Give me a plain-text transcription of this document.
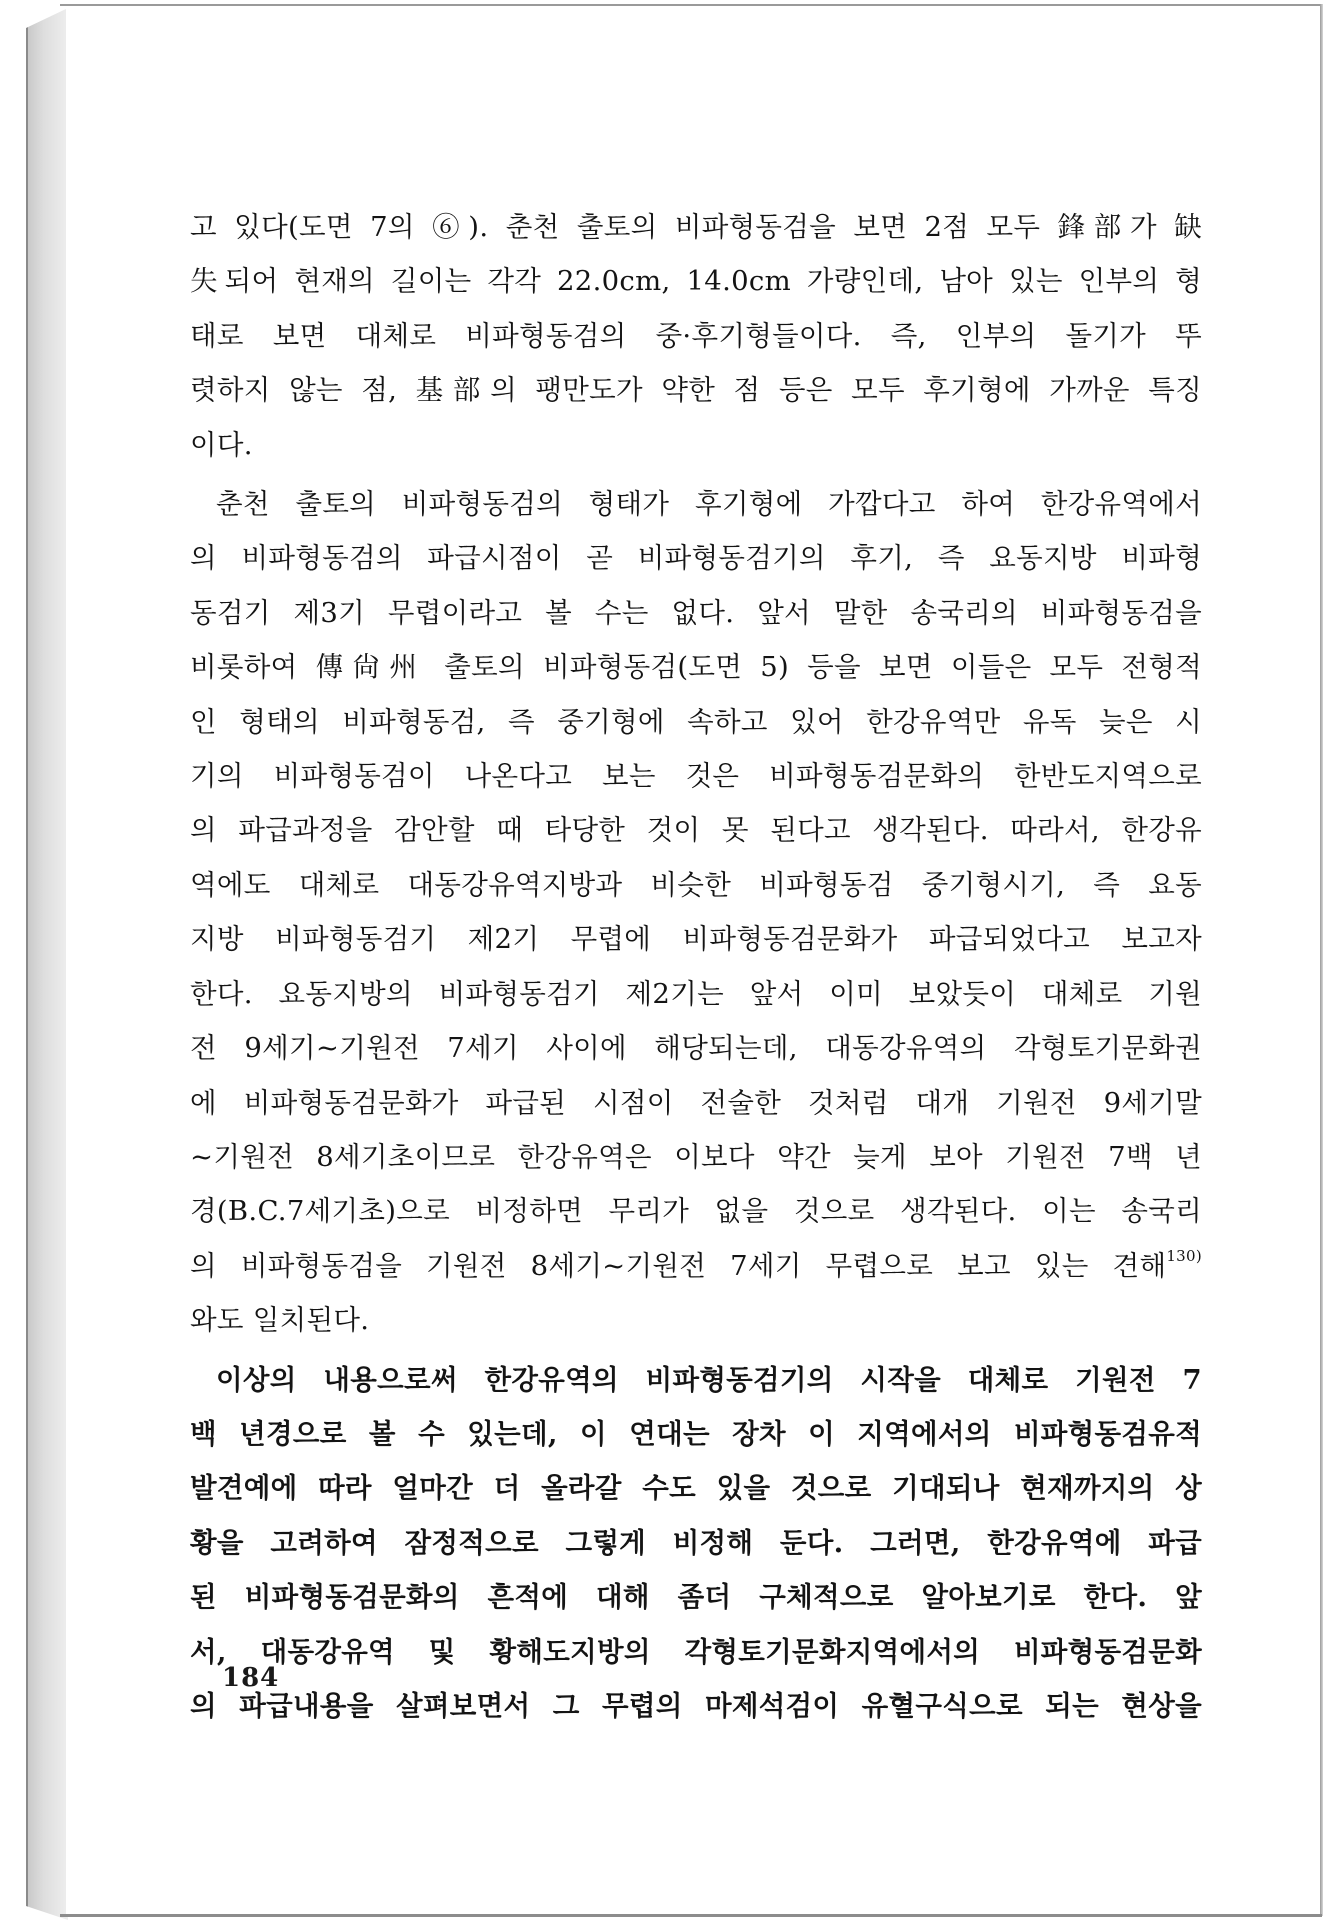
고 있다(도면 7의 ⑥). 춘천 출토의 비파형동검을 보면 2점 모두 鋒部가 缺
失되어 현재의 길이는 각각 22.0cm, 14.0cm 가량인데, 남아 있는 인부의 형
태로 보면 대체로 비파형동검의 중·후기형들이다. 즉, 인부의 돌기가 뚜
렷하지 않는 점, 基部의 팽만도가 약한 점 등은 모두 후기형에 가까운 특징
이다.
춘천 출토의 비파형동검의 형태가 후기형에 가깝다고 하여 한강유역에서
의 비파형동검의 파급시점이 곧 비파형동검기의 후기, 즉 요동지방 비파형
동검기 제3기 무렵이라고 볼 수는 없다. 앞서 말한 송국리의 비파형동검을
비롯하여 傳尙州 출토의 비파형동검(도면 5) 등을 보면 이들은 모두 전형적
인 형태의 비파형동검, 즉 중기형에 속하고 있어 한강유역만 유독 늦은 시
기의 비파형동검이 나온다고 보는 것은 비파형동검문화의 한반도지역으로
의 파급과정을 감안할 때 타당한 것이 못 된다고 생각된다. 따라서, 한강유
역에도 대체로 대동강유역지방과 비슷한 비파형동검 중기형시기, 즉 요동
지방 비파형동검기 제2기 무렵에 비파형동검문화가 파급되었다고 보고자
한다. 요동지방의 비파형동검기 제2기는 앞서 이미 보았듯이 대체로 기원
전 9세기~기원전 7세기 사이에 해당되는데, 대동강유역의 각형토기문화권
에 비파형동검문화가 파급된 시점이 전술한 것처럼 대개 기원전 9세기말
~기원전 8세기초이므로 한강유역은 이보다 약간 늦게 보아 기원전 7백 년
경(B.C.7세기초)으로 비정하면 무리가 없을 것으로 생각된다. 이는 송국리
의 비파형동검을 기원전 8세기~기원전 7세기 무렵으로 보고 있는 견해$^{130)}$
와도 일치된다.
이상의 내용으로써 한강유역의 비파형동검기의 시작을 대체로 기원전 7
백 년경으로 볼 수 있는데, 이 연대는 장차 이 지역에서의 비파형동검유적
발견예에 따라 얼마간 더 올라갈 수도 있을 것으로 기대되나 현재까지의 상
황을 고려하여 잠정적으로 그렇게 비정해 둔다. 그러면, 한강유역에 파급
된 비파형동검문화의 흔적에 대해 좀더 구체적으로 알아보기로 한다. 앞
서, 대동강유역 및 황해도지방의 각형토기문화지역에서의 비파형동검문화
의 파급내용을 살펴보면서 그 무렵의 마제석검이 유혈구식으로 되는 현상을
184
